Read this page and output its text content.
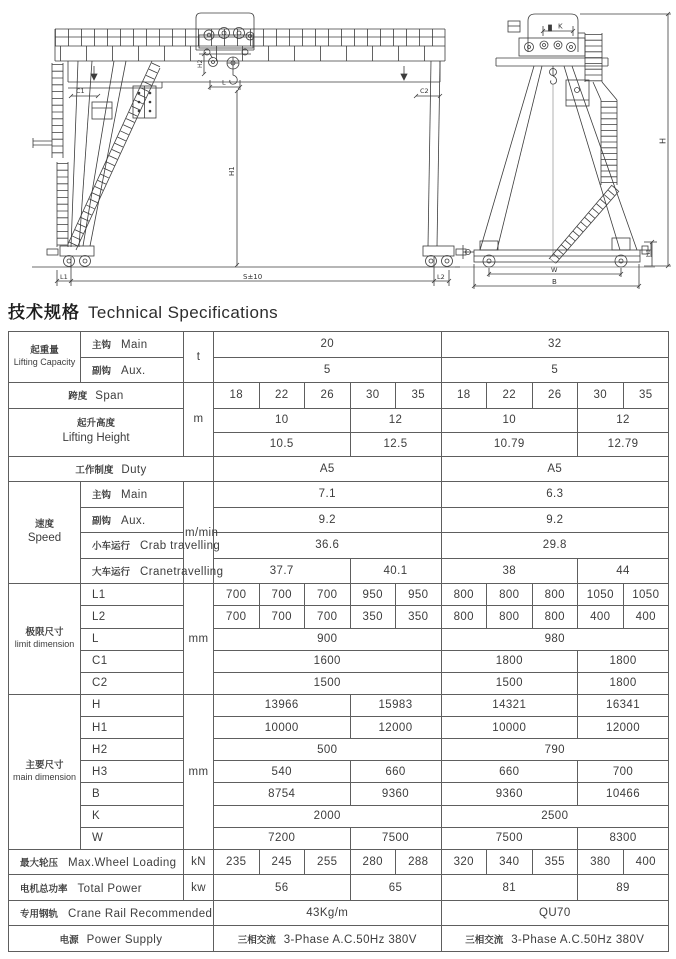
C1	C2
H2
L
H1
L1	S±10	L2
K
H
H3
W
B
技术规格 Technical Specifications
起重量
Lifting Capacity	主钩 Main	t	20					32				
	副钩 Aux.		5					5				
跨度 Span		m	18	22	26	30	35	18	22	26	30	35

起升高度
Lifting Height			10			12		10			12	
			10.5			12.5		10.79			12.79	
工作制度 Duty			A5					A5				

速度
Speed	主钩 Main	m/min	7.1					6.3				
	副钩 Aux.		9.2					9.2				
	小车运行 Crab travelling		36.6					29.8				
	大车运行 Cranetravelling		37.7			40.1		38			44	

极限尺寸
limit dimension	L1	mm	700	700	700	950	950	800	800	800	1050	1050
	L2		700	700	700	350	350	800	800	800	400	400
	L		900					980				
	C1		1600					1800			1800	
	C2		1500					1500			1800	

主要尺寸
main dimension	H	mm	13966			15983		14321			16341	
	H1		10000			12000		10000			12000	
	H2		500					790				
	H3		540			660		660			700	
	B		8754			9360		9360			10466	
	K		2000					2500				
	W		7200			7500		7500			8300	
最大轮压 Max.Wheel Loading		kN	235	245	255	280	288	320	340	355	380	400
电机总功率 Total Power		kw	56			65		81			89	
专用钢轨 Crane Rail Recommended			43Kg/m					QU70				
电源 Power Supply			三相交流 3-Phase A.C.50Hz 380V					三相交流 3-Phase A.C.50Hz 380V				
